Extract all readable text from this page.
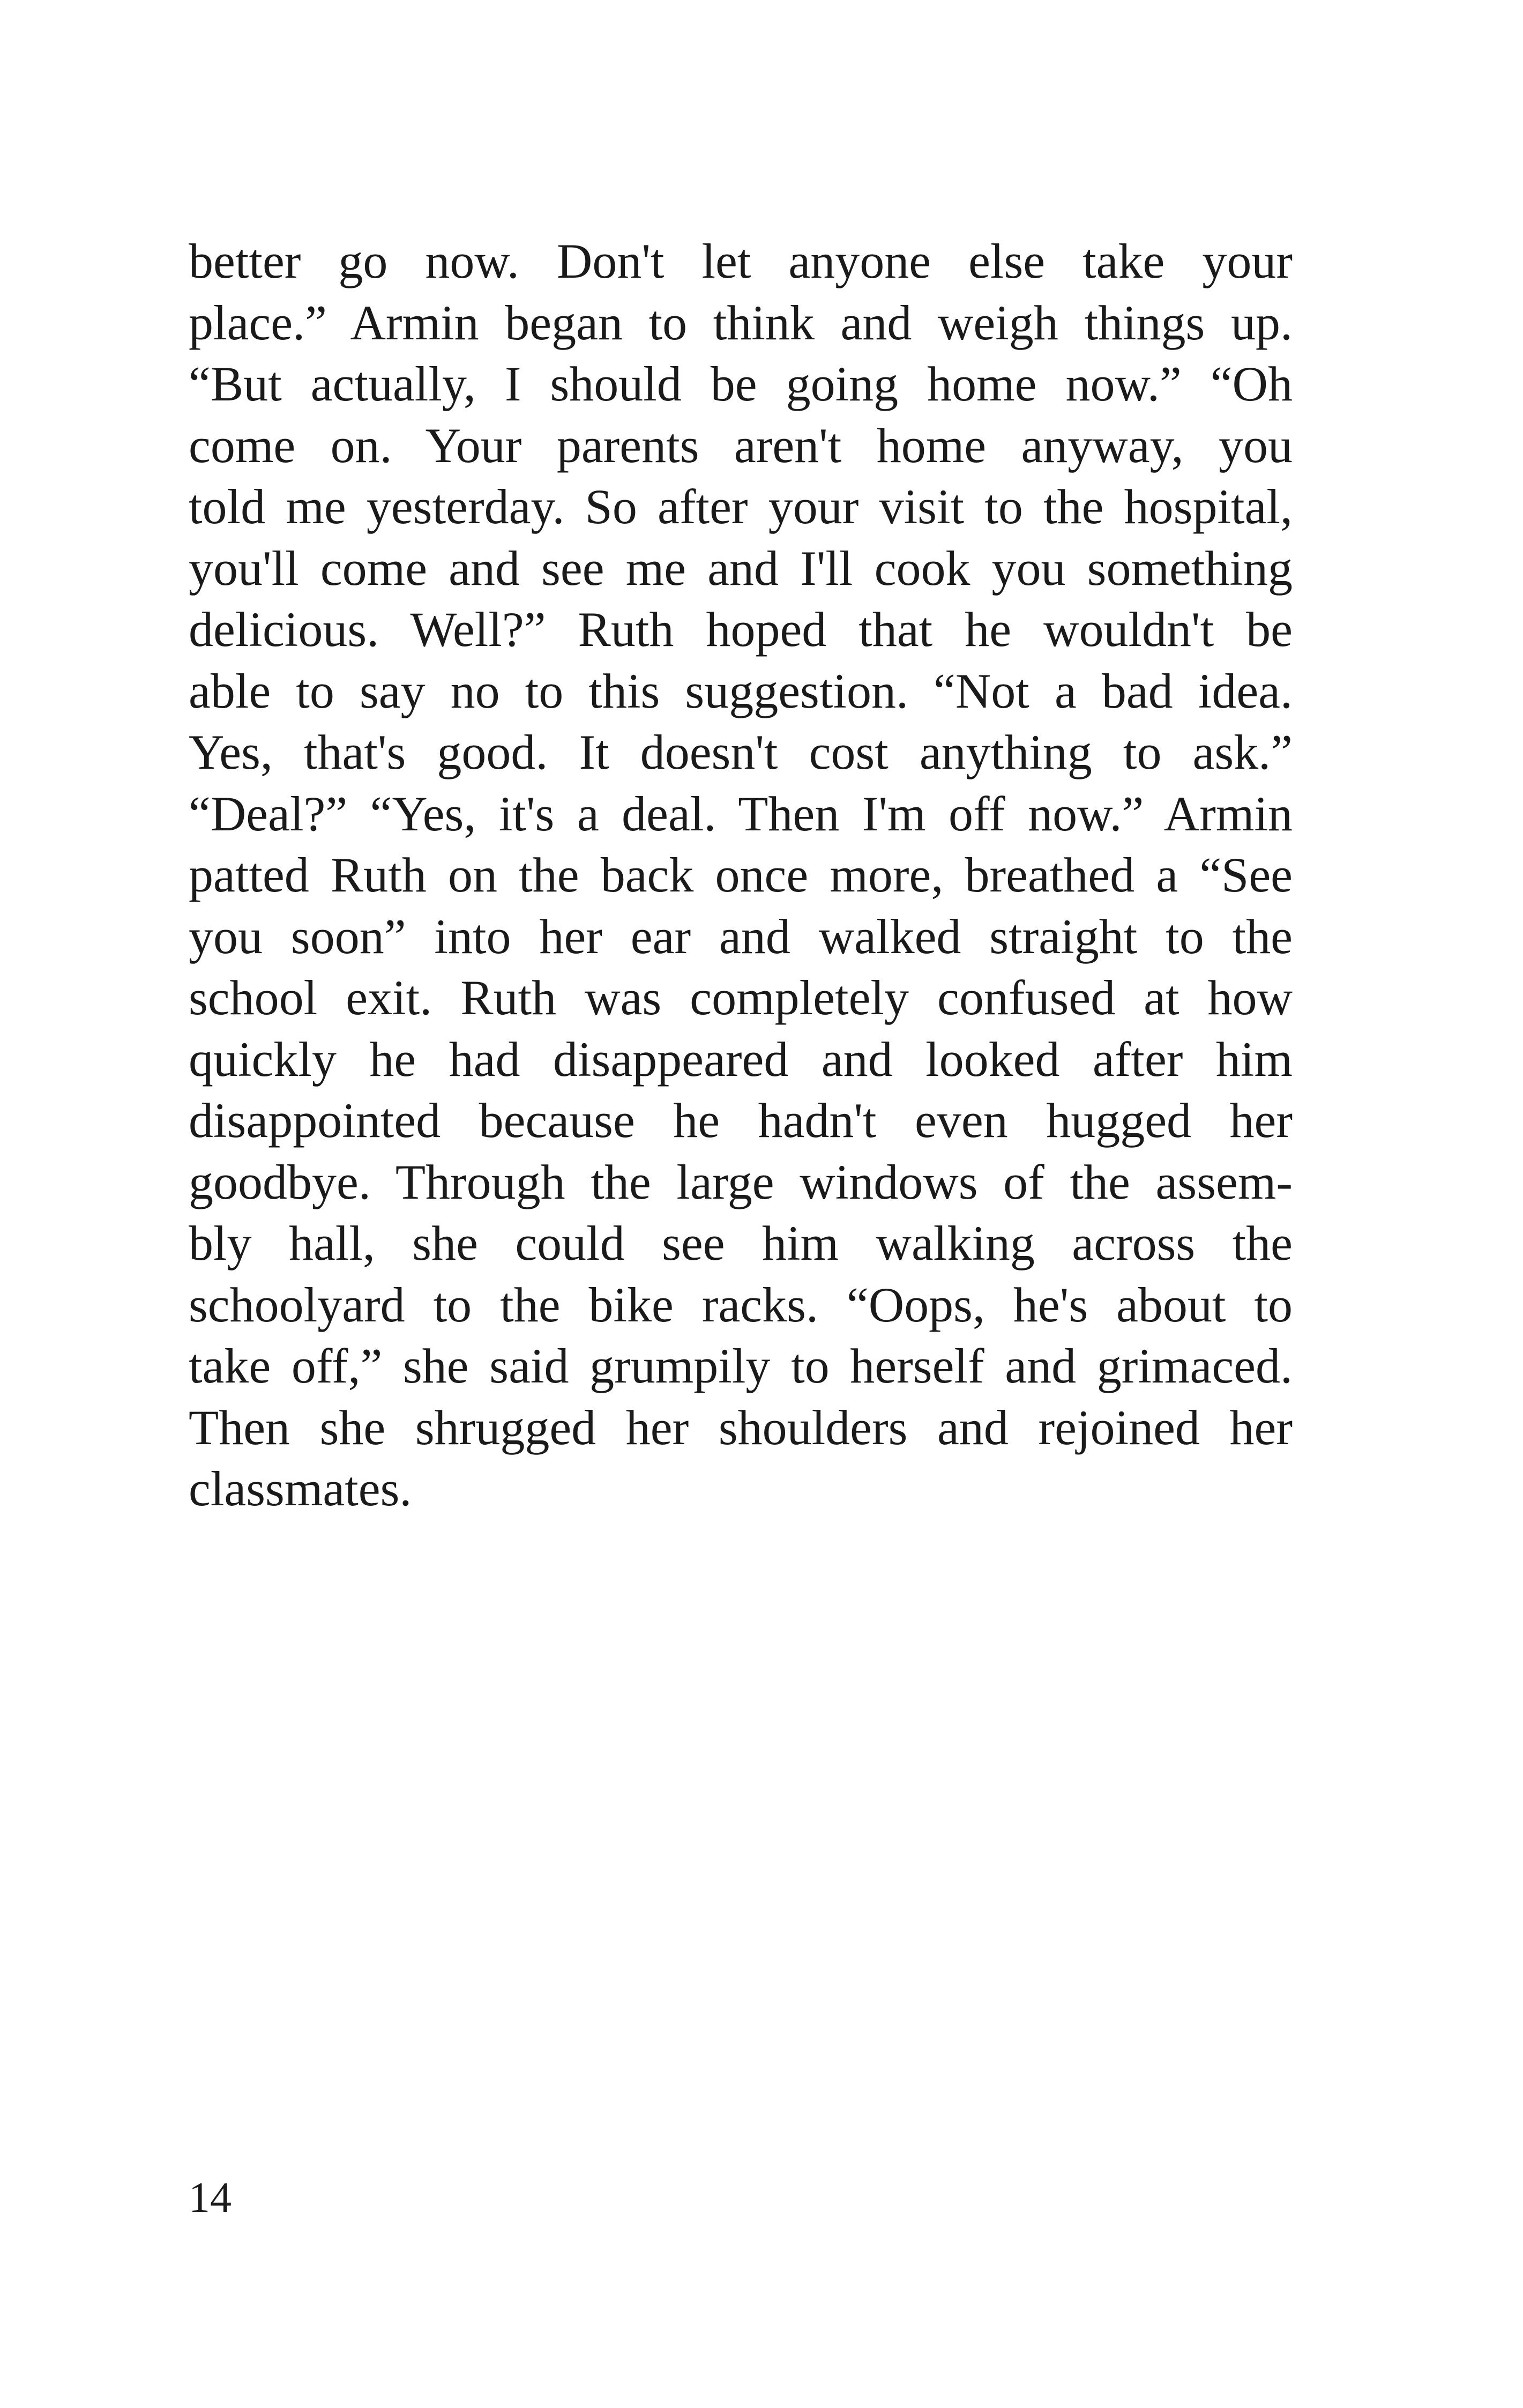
better go now. Don't let anyone else take your
place.” Armin began to think and weigh things up.
“But actually, I should be going home now.” “Oh
come on. Your parents aren't home anyway, you
told me yesterday. So after your visit to the hospital,
you'll come and see me and I'll cook you something
delicious. Well?” Ruth hoped that he wouldn't be
able to say no to this suggestion. “Not a bad idea.
Yes, that's good. It doesn't cost anything to ask.”
“Deal?” “Yes, it's a deal. Then I'm off now.” Armin
patted Ruth on the back once more, breathed a “See
you soon” into her ear and walked straight to the
school exit. Ruth was completely confused at how
quickly he had disappeared and looked after him
disappointed because he hadn't even hugged her
goodbye. Through the large windows of the assem-
bly hall, she could see him walking across the
schoolyard to the bike racks. “Oops, he's about to
take off,” she said grumpily to herself and grimaced.
Then she shrugged her shoulders and rejoined her
classmates.
14
